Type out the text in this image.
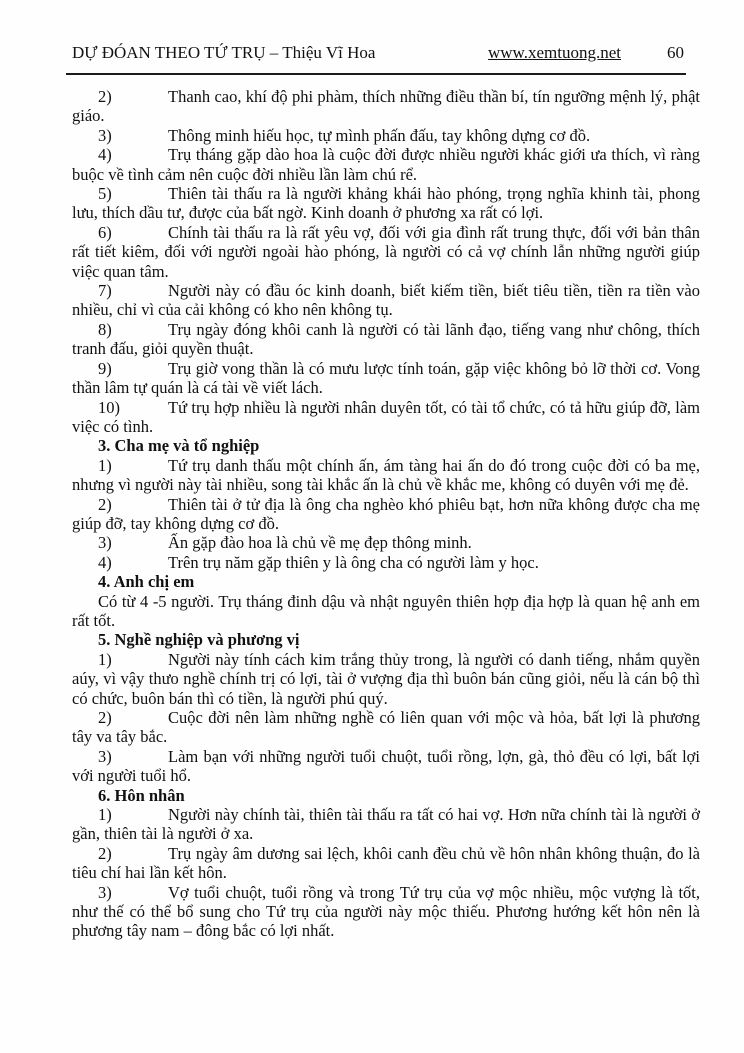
DỰ ĐÓAN THEO TỨ TRỤ – Thiệu Vĩ Hoa	www.xemtuong.net	60

2)	Thanh cao, khí độ phi phàm, thích những điều thần bí, tín ngưỡng mệnh lý, phật giáo.

3)	Thông minh hiếu học, tự mình phấn đấu, tay không dựng cơ đồ.

4)	Trụ tháng gặp dào hoa là cuộc đời được nhiều người khác giới ưa thích, vì ràng buộc về tình cảm nên cuộc đời nhiều lần làm chú rể.

5)	Thiên tài thấu ra là người khảng khái hào phóng, trọng nghĩa khinh tài, phong lưu, thích dầu tư, được của bất ngờ. Kinh doanh ở phương xa rất có lợi.

6)	Chính tài thấu ra là rất yêu vợ, đối với gia đình rất trung thực, đối với bản thân rất tiết kiêm, đối với người ngoài hào phóng, là người có cả vợ chính lẫn những người giúp việc quan tâm.

7)	Người này có đầu óc kinh doanh, biết kiếm tiền, biết tiêu tiền, tiền ra tiền vào nhiều, chỉ vì của cải không có kho nên không tụ.

8)	Trụ ngày đóng khôi canh là người có tài lãnh đạo, tiếng vang như chông, thích tranh đấu, giỏi quyền thuật.

9)	Trụ giờ vong thần là có mưu lược tính toán, gặp việc không bỏ lỡ thời cơ. Vong thần lâm tự quán là cá tài về viết lách.

10)	Tứ trụ hợp nhiều là người nhân duyên tốt, có tài tổ chức, có tả hữu giúp đỡ, làm việc có tình.

3. Cha mẹ và tổ nghiệp

1)	Tứ trụ danh thấu một chính ấn, ám tàng hai ấn do đó trong cuộc đời có ba mẹ, nhưng vì người này tài nhiều, song tài khắc ấn là chủ về khắc me, không có duyên với mẹ đẻ.

2)	Thiên tài ở tử địa là ông cha nghèo khó phiêu bạt, hơn nữa không được cha mẹ giúp đỡ, tay không dựng cơ đồ.

3)	Ấn gặp đào hoa là chủ về mẹ đẹp thông minh.

4)	Trên trụ năm gặp thiên y là ông cha có người làm y học.

4. Anh chị em

Có từ 4 -5 người. Trụ tháng đinh dậu và nhật nguyên thiên hợp địa hợp là quan hệ anh em rất tốt.

5. Nghề nghiệp và phương vị

1)	Người này tính cách kim trắng thủy trong, là người có danh tiếng, nhắm quyền aúy, vì vậy thưo nghề chính trị có lợi, tài ở vượng địa thì buôn bán cũng giỏi, nếu là cán bộ thì có chức, buôn bán thì có tiền, là người phú quý.

2)	Cuộc đời nên làm những nghề có liên quan với mộc và hỏa, bất lợi là phương tây va tây bắc.

3)	Làm bạn với những người tuổi chuột, tuổi rồng, lợn, gà, thỏ đều có lợi, bất lợi với người tuổi hổ.

6. Hôn nhân

1)	Người này chính tài, thiên tài thấu ra tất có hai vợ. Hơn nữa chính tài là người ở gần, thiên tài là người ở xa.

2)	Trụ ngày âm dương sai lệch, khôi canh đều chủ về hôn nhân không thuận, đo là tiêu chí hai lần kết hôn.

3)	Vợ tuổi chuột, tuổi rồng và trong Tứ trụ của vợ mộc nhiều, mộc vượng là tốt, như thế có thể bổ sung cho Tứ trụ của người này mộc thiếu. Phương hướng kết hôn nên là phương tây nam – đông bắc có lợi nhất.
